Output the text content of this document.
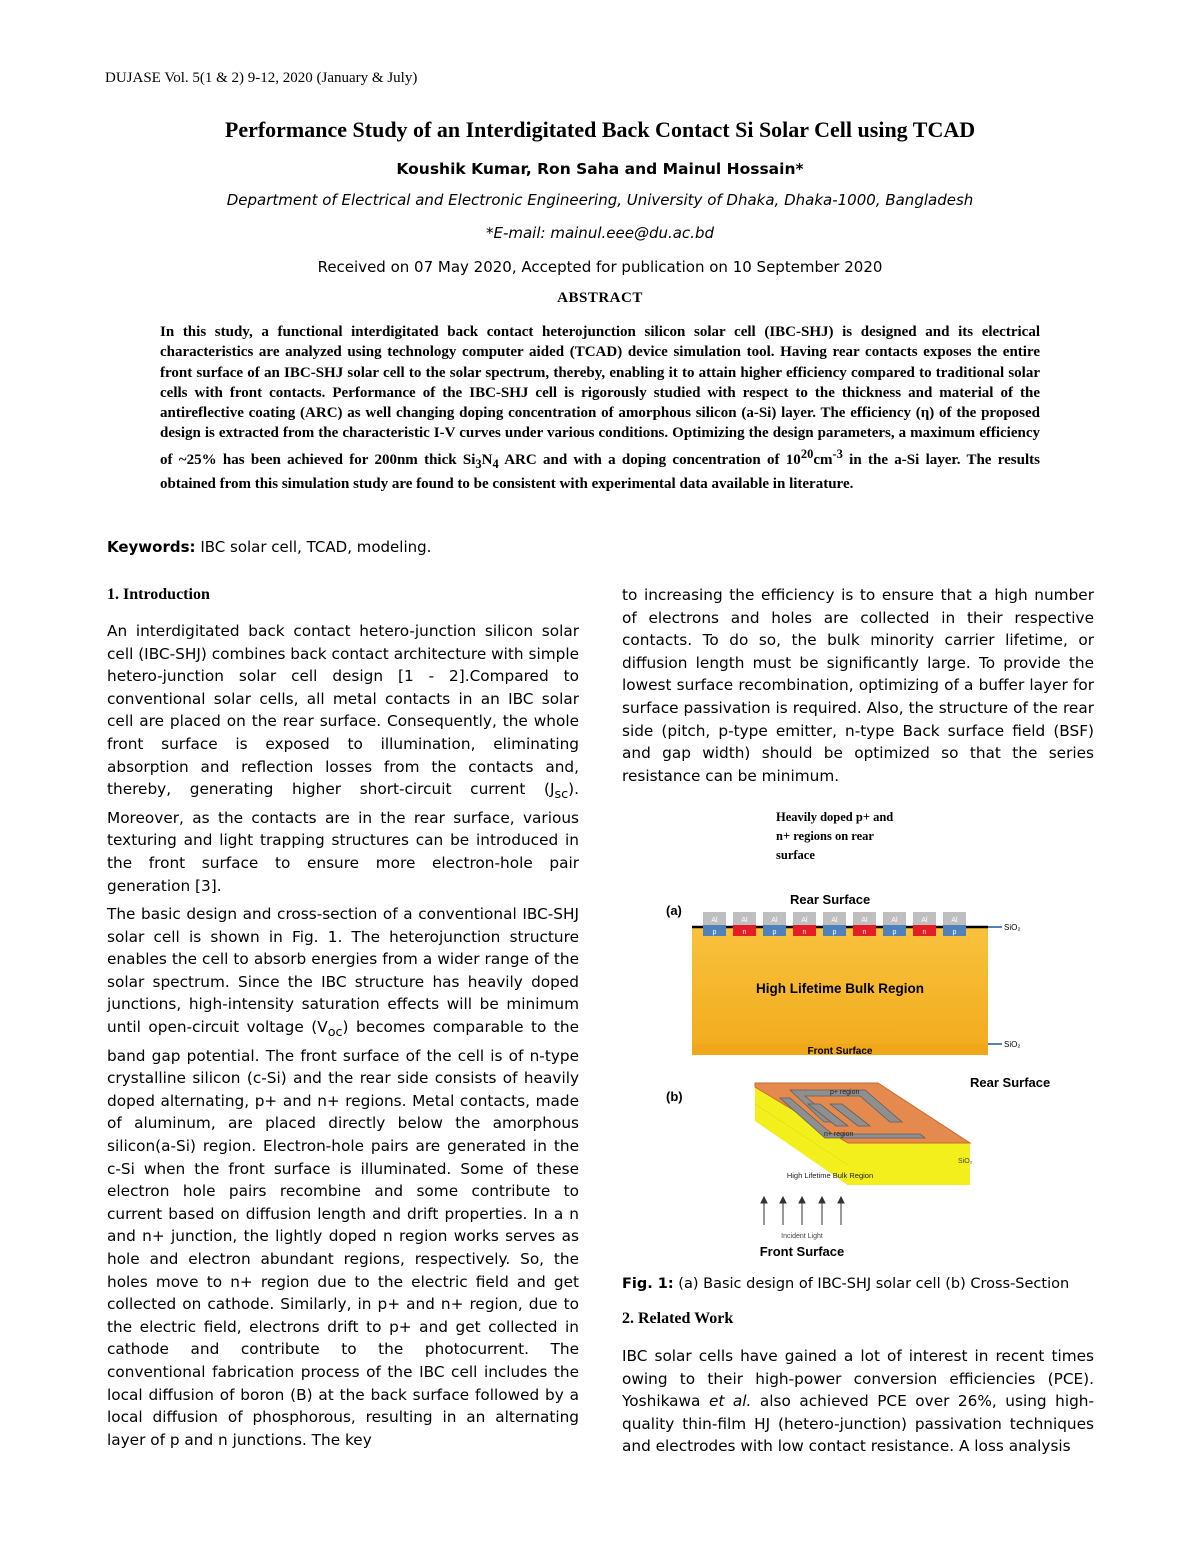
DUJASE Vol. 5(1 & 2) 9-12, 2020 (January & July)
Performance Study of an Interdigitated Back Contact Si Solar Cell using TCAD
Koushik Kumar, Ron Saha and Mainul Hossain*
Department of Electrical and Electronic Engineering, University of Dhaka, Dhaka-1000, Bangladesh
*E-mail: mainul.eee@du.ac.bd
Received on 07 May 2020, Accepted for publication on 10 September 2020
ABSTRACT
In this study, a functional interdigitated back contact heterojunction silicon solar cell (IBC-SHJ) is designed and its electrical characteristics are analyzed using technology computer aided (TCAD) device simulation tool. Having rear contacts exposes the entire front surface of an IBC-SHJ solar cell to the solar spectrum, thereby, enabling it to attain higher efficiency compared to traditional solar cells with front contacts. Performance of the IBC-SHJ cell is rigorously studied with respect to the thickness and material of the antireflective coating (ARC) as well changing doping concentration of amorphous silicon (a-Si) layer. The efficiency (η) of the proposed design is extracted from the characteristic I-V curves under various conditions. Optimizing the design parameters, a maximum efficiency of ~25% has been achieved for 200nm thick $Si_3N_4$ ARC and with a doping concentration of $10^{20}cm^{-3}$ in the a-Si layer. The results obtained from this simulation study are found to be consistent with experimental data available in literature.
Keywords: IBC solar cell, TCAD, modeling.
1. Introduction

An interdigitated back contact hetero-junction silicon solar cell (IBC-SHJ) combines back contact architecture with simple hetero-junction solar cell design [1 - 2].Compared to conventional solar cells, all metal contacts in an IBC solar cell are placed on the rear surface. Consequently, the whole front surface is exposed to illumination, eliminating absorption and reflection losses from the contacts and, thereby, generating higher short-circuit current $(J_{sc})$. Moreover, as the contacts are in the rear surface, various texturing and light trapping structures can be introduced in the front surface to ensure more electron-hole pair generation [3].

The basic design and cross-section of a conventional IBC-SHJ solar cell is shown in Fig. 1. The heterojunction structure enables the cell to absorb energies from a wider range of the solar spectrum. Since the IBC structure has heavily doped junctions, high-intensity saturation effects will be minimum until open-circuit voltage $(V_{oc})$ becomes comparable to the band gap potential. The front surface of the cell is of n-type crystalline silicon (c-Si) and the rear side consists of heavily doped alternating, p+ and n+ regions. Metal contacts, made of aluminum, are placed directly below the amorphous silicon(a-Si) region. Electron-hole pairs are generated in the c-Si when the front surface is illuminated. Some of these electron hole pairs recombine and some contribute to current based on diffusion length and drift properties. In a n and n+ junction, the lightly doped n region works serves as hole and electron abundant regions, respectively. So, the holes move to n+ region due to the electric field and get collected on cathode. Similarly, in p+ and n+ region, due to the electric field, electrons drift to p+ and get collected in cathode and contribute to the photocurrent. The conventional fabrication process of the IBC cell includes the local diffusion of boron (B) at the back surface followed by a local diffusion of phosphorous, resulting in an alternating layer of p and n junctions. The key

to increasing the efficiency is to ensure that a high number of electrons and holes are collected in their respective contacts. To do so, the bulk minority carrier lifetime, or diffusion length must be significantly large. To provide the lowest surface recombination, optimizing of a buffer layer for surface passivation is required. Also, the structure of the rear side (pitch, p-type emitter, n-type Back surface field (BSF) and gap width) should be optimized so that the series resistance can be minimum.
Heavily doped p+ and
n+ regions on rear
surface
(a)
Rear Surface
Al	Al	Al	Al	Al	Al	Al	Al	Al
p	n	p	n	p	n	p	n	p
SiO₂
SiO₂
High Lifetime Bulk Region
Front Surface
(b)
Rear Surface
p+ region
n+ region
High Lifetime Bulk Region
SiO₂
Incident Light
Front Surface
Fig. 1: (a) Basic design of IBC-SHJ solar cell (b) Cross-Section
2. Related Work

IBC solar cells have gained a lot of interest in recent times owing to their high-power conversion efficiencies (PCE). Yoshikawa et al. also achieved PCE over 26%, using high-quality thin-film HJ (hetero-junction) passivation techniques and electrodes with low contact resistance. A loss analysis
